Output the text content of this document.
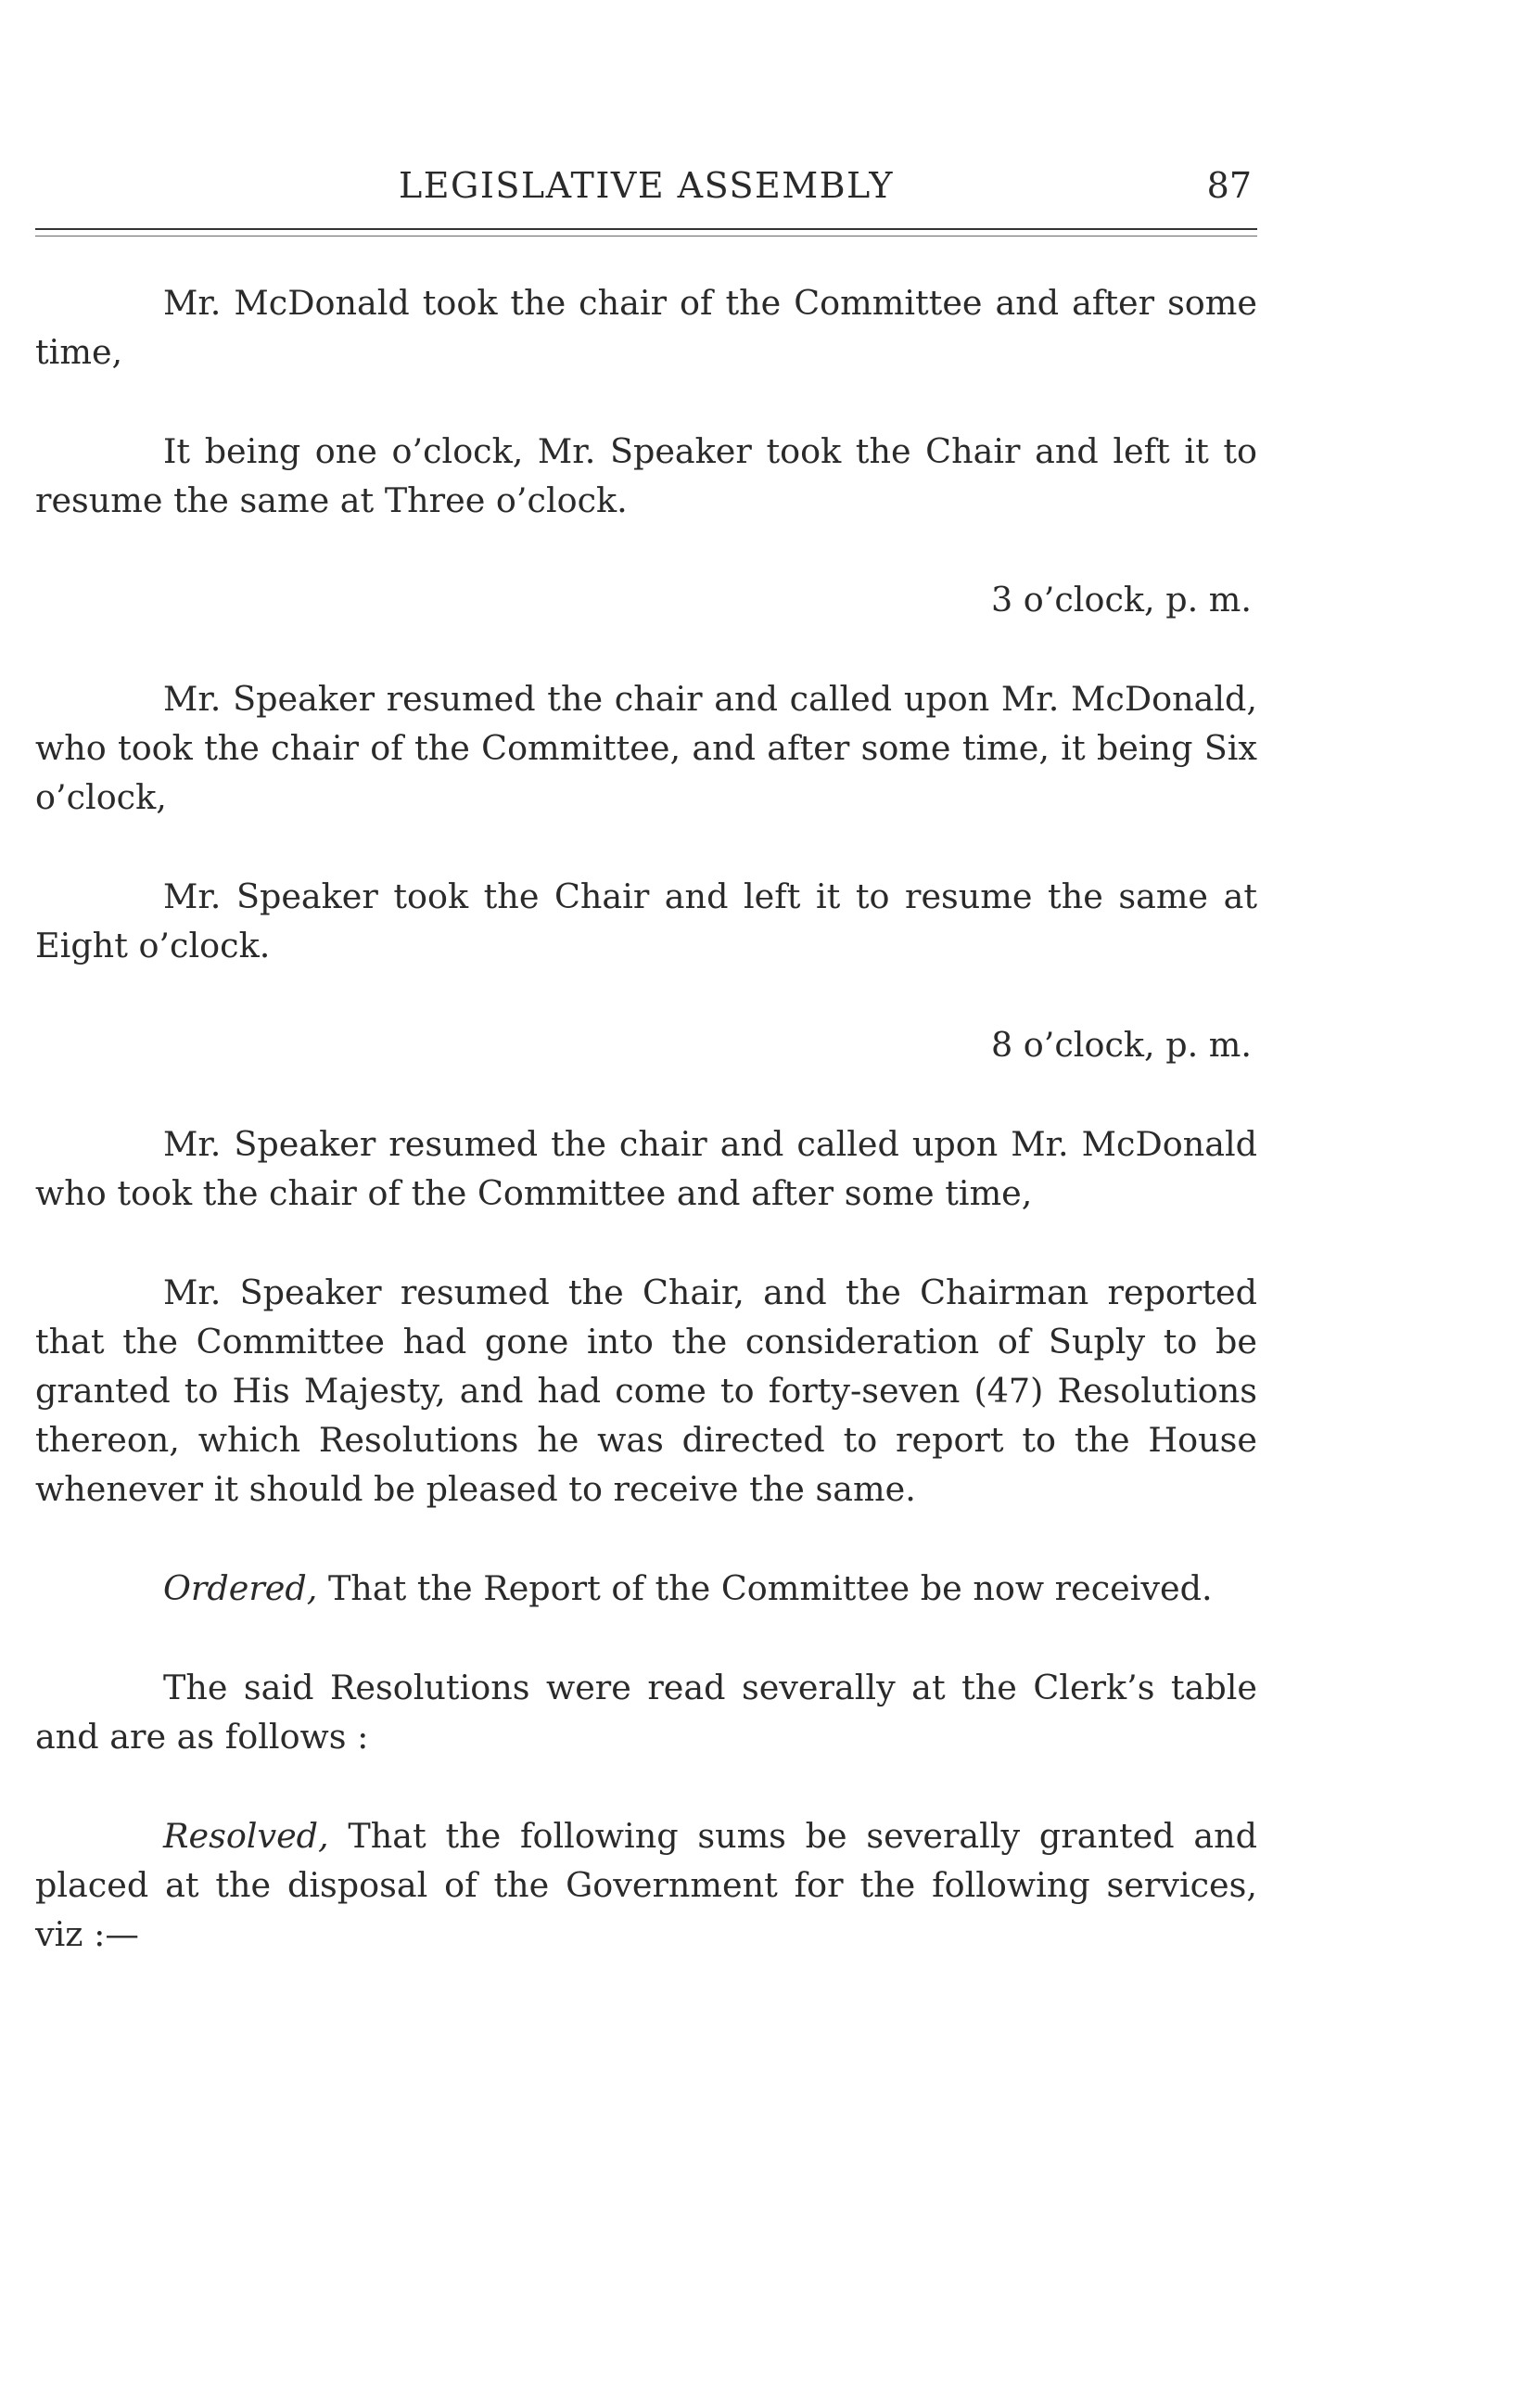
LEGISLATIVE ASSEMBLY	87

Mr. McDonald took the chair of the Committee and after some time,

It being one o’clock, Mr. Speaker took the Chair and left it to resume the same at Three o’clock.

3 o’clock, p. m.

Mr. Speaker resumed the chair and called upon Mr. McDonald, who took the chair of the Committee, and after some time, it being Six o’clock,

Mr. Speaker took the Chair and left it to resume the same at Eight o’clock.

8 o’clock, p. m.

Mr. Speaker resumed the chair and called upon Mr. McDonald who took the chair of the Committee and after some time,

Mr. Speaker resumed the Chair, and the Chairman reported that the Committee had gone into the consideration of Suply to be granted to His Majesty, and had come to forty-seven (47) Resolutions thereon, which Resolutions he was directed to report to the House whenever it should be pleased to receive the same.

Ordered, That the Report of the Committee be now received.

The said Resolutions were read severally at the Clerk’s table and are as follows :

Resolved, That the following sums be severally granted and placed at the disposal of the Government for the following services, viz :—
